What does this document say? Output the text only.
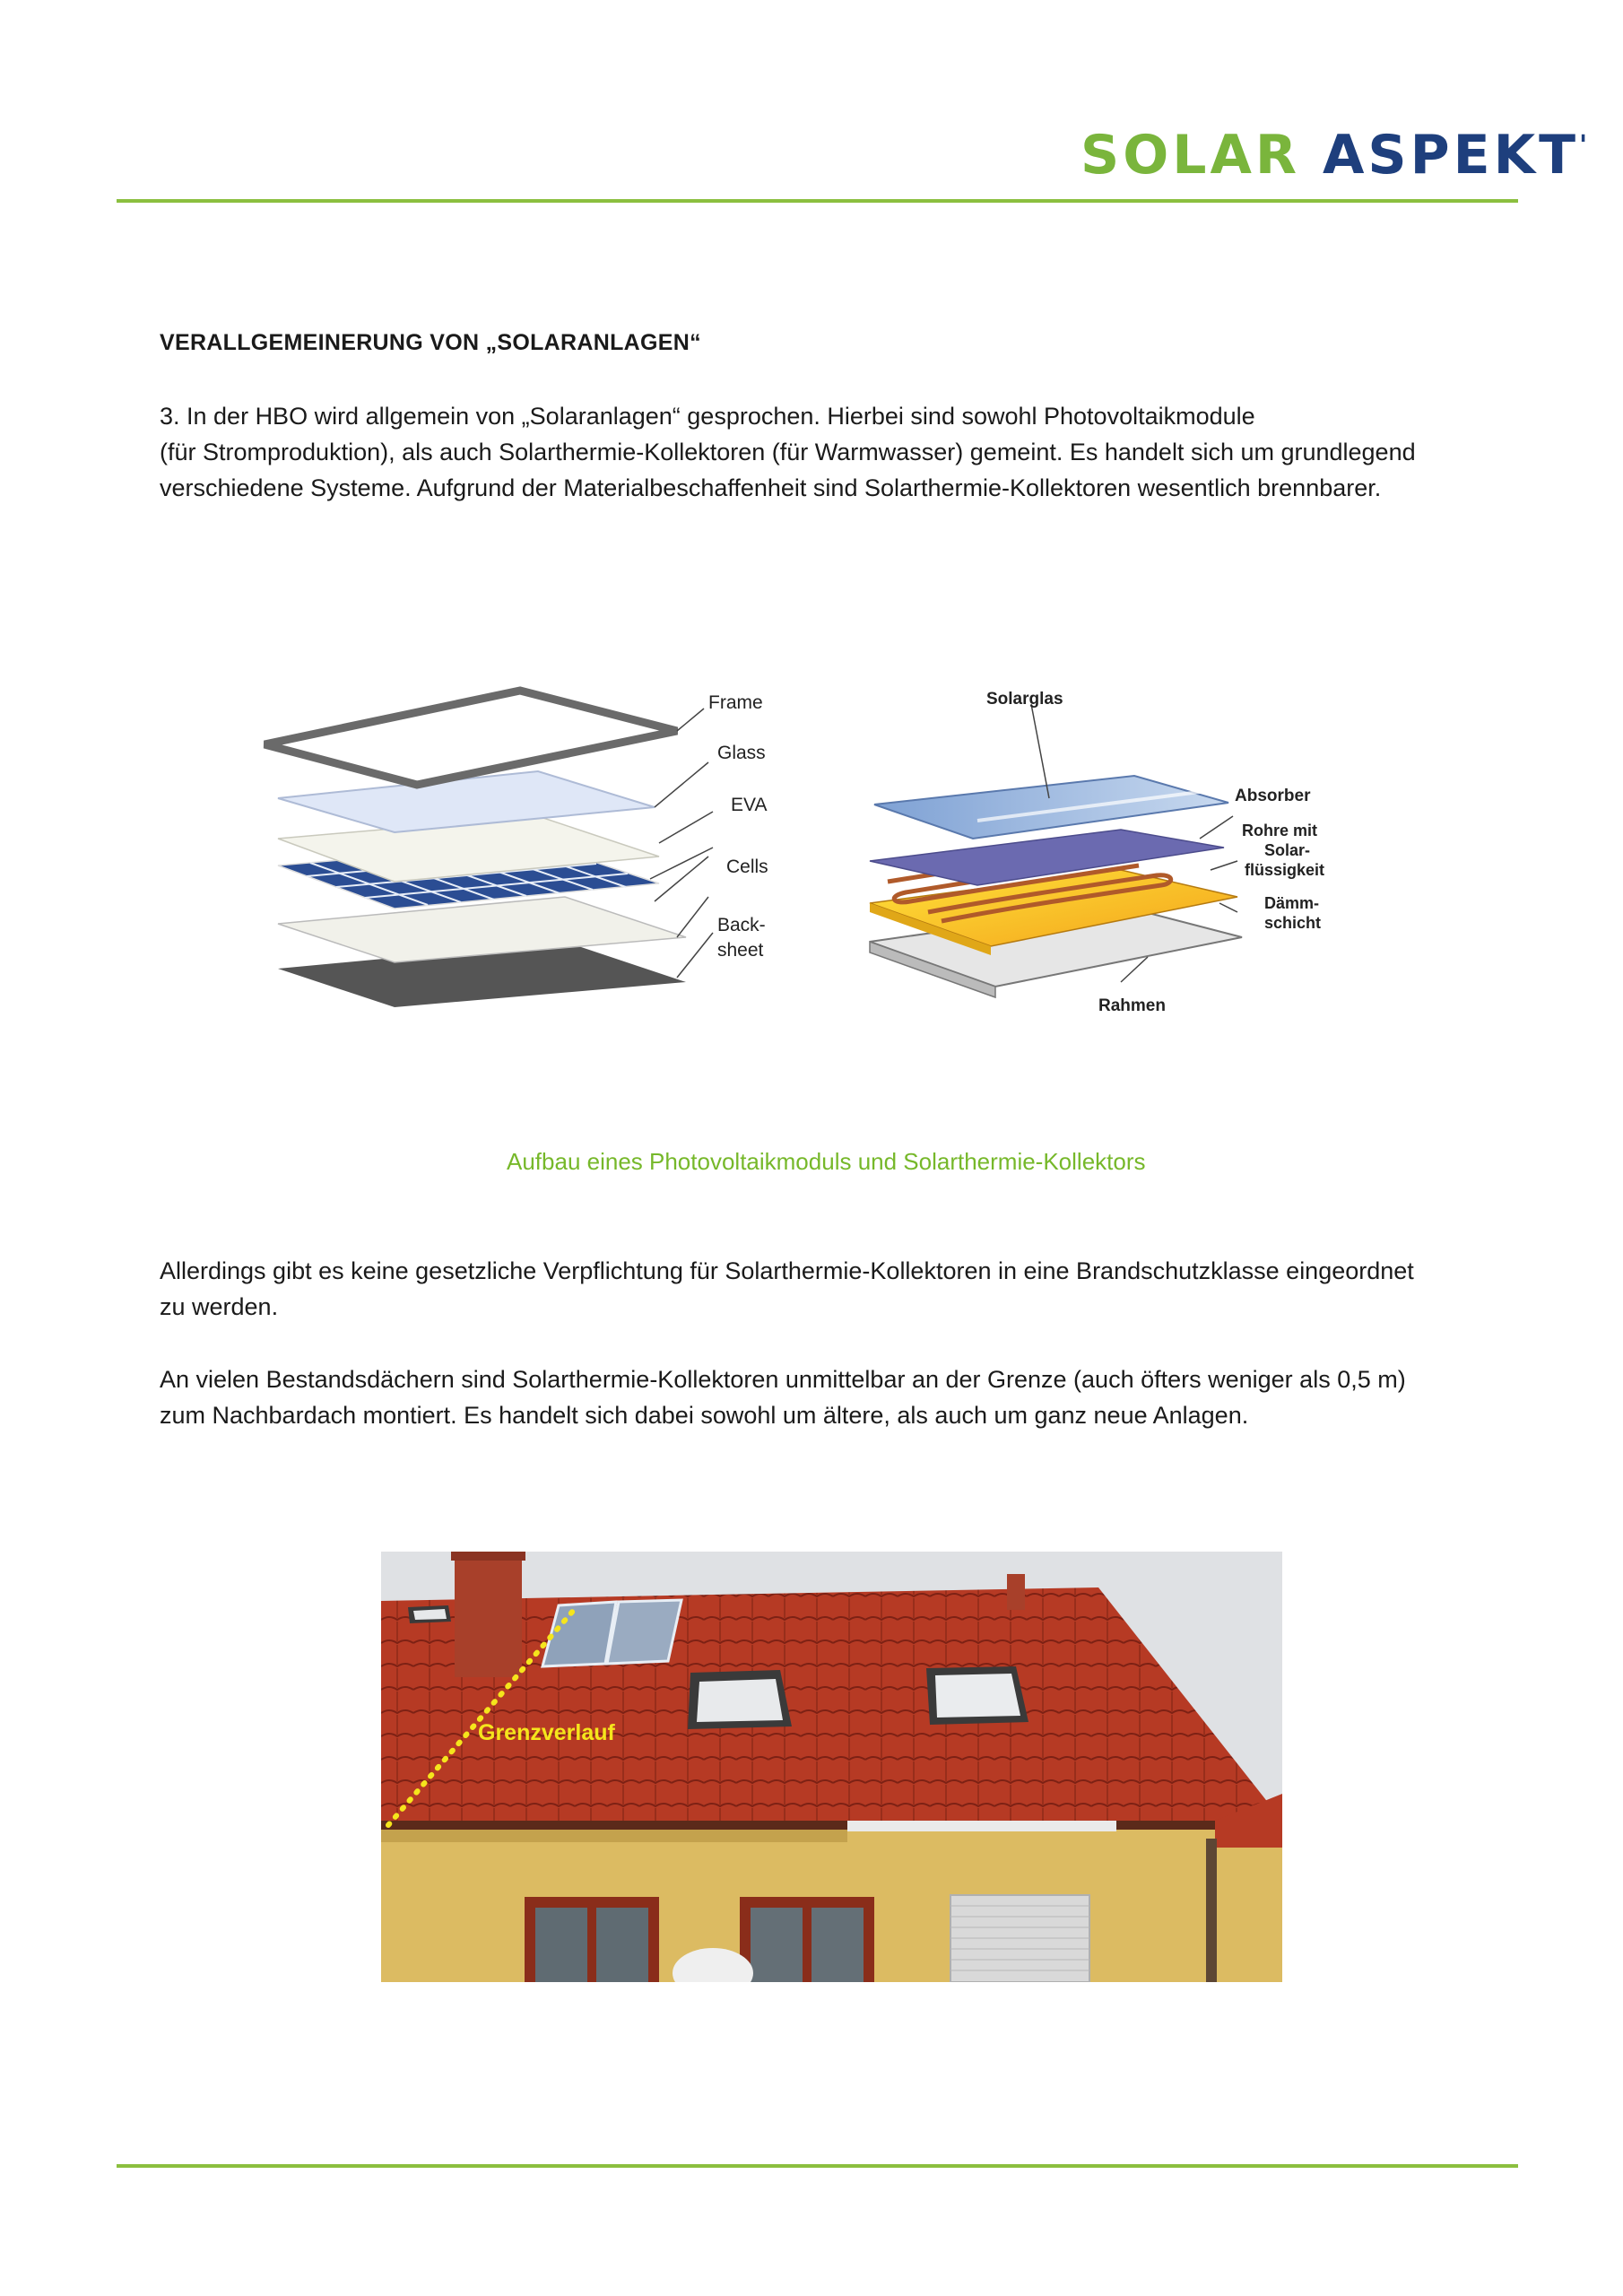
SOLAR ASPEKT'
VERALLGEMEINERUNG VON „SOLARANLAGEN“
3. In der HBO wird allgemein von „Solaranlagen“ gesprochen. Hierbei sind sowohl Photovoltaikmodule
(für Stromproduktion), als auch Solarthermie-Kollektoren (für Warmwasser) gemeint. Es handelt sich um grundlegend
verschiedene Systeme. Aufgrund der Materialbeschaffenheit sind Solarthermie-Kollektoren wesentlich brennbarer.
Frame
Glass
EVA
Cells
Back-
sheet
Solarglas
Absorber
Rohre mit
Solar-
flüssigkeit
Dämm-
schicht
Rahmen
Aufbau eines Photovoltaikmoduls und Solarthermie-Kollektors
Allerdings gibt es keine gesetzliche Verpflichtung für Solarthermie-Kollektoren in eine Brandschutzklasse eingeordnet
zu werden.
An vielen Bestandsdächern sind Solarthermie-Kollektoren unmittelbar an der Grenze (auch öfters weniger als 0,5 m)
zum Nachbardach montiert. Es handelt sich dabei sowohl um ältere, als auch um ganz neue Anlagen.
Grenzverlauf
